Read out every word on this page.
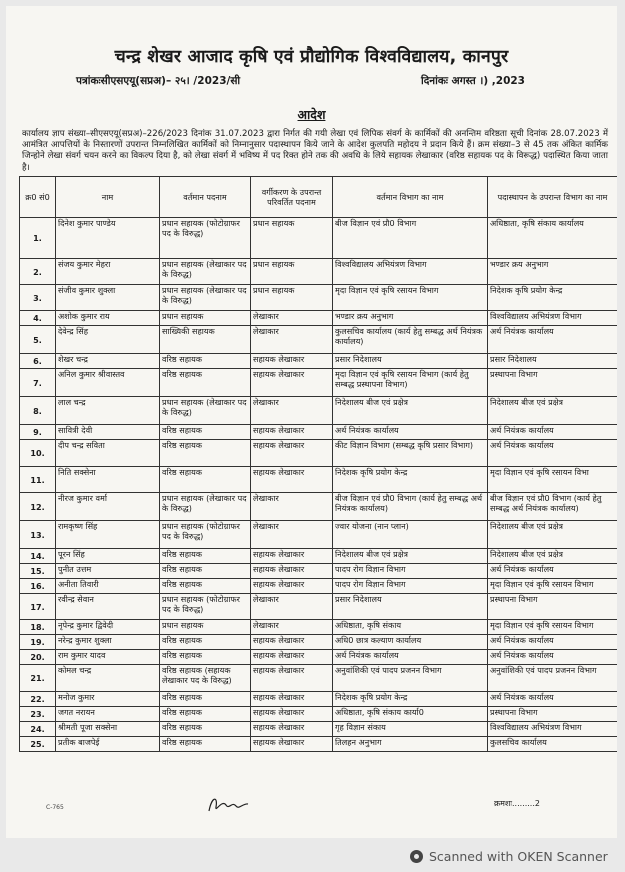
चन्द्र शेखर आजाद कृषि एवं प्रौद्योगिक विश्वविद्यालय, कानपुर

पत्रांकःसीएसएयू(सप्रअ)– २५। /2023/सी	दिनांकः अगस्त ।) ,2023
आदेश
कार्यालय ज्ञाप संख्या–सीएसएयू(सप्रअ)–226/2023 दिनांक 31.07.2023 द्वारा निर्गत की गयी लेखा एवं लिपिक संवर्ग के कार्मिकों की अनन्तिम वरिष्ठता सूची दिनांक 28.07.2023 में आमंत्रित आपत्तियों के निस्तारणों उपरान्त निम्नलिखित कार्मिकों को निम्नानुसार पदास्थापन किये जाने के आदेश कुलपति महोदय ने प्रदान किये हैं। क्रम संख्या–3 से 45 तक अंकित कार्मिक जिन्होने लेखा संवर्ग चयन करने का विकल्प दिया है, को लेखा संवर्ग में भविष्य में पद रिक्त होने तक की अवधि के लिये सहायक लेखाकार (वरिष्ठ सहायक पद के विरूद्ध) पदास्थित किया जाता है।
क्र0 सं0	नाम	वर्तमान पदनाम	वर्गीकरण के उपरान्त परिवर्तित पदनाम	वर्तमान विभाग का नाम	पदास्थापन के उपरान्त विभाग का नाम
1.	दिनेश कुमार पाण्डेय	प्रधान सहायक (फोटोग्राफर पद के विरुद्ध)	प्रधान सहायक	बीज विज्ञान एवं प्रौ0 विभाग	अधिष्ठाता, कृषि संकाय कार्यालय
2.	संजय कुमार मेहरा	प्रधान सहायक (लेखाकार पद के विरुद्ध)	प्रधान सहायक	विश्वविद्यालय अभियंत्रण विभाग	भण्डार क्रय अनुभाग
3.	संजीव कुमार शुक्ला	प्रधान सहायक (लेखाकार पद के विरुद्ध)	प्रधान सहायक	मृदा विज्ञान एवं कृषि रसायन विभाग	निदेशक कृषि प्रयोग केन्द्र
4.	अशोक कुमार राय	प्रधान सहायक	लेखाकार	भण्डार क्रय अनुभाग	विश्वविद्यालय अभियंत्रण विभाग
5.	देवेन्द्र सिंह	साख्यिकी सहायक	लेखाकार	कुलसचिव कार्यालय (कार्य हेतु सम्बद्ध अर्थ नियंत्रक कार्यालय)	अर्थ नियंत्रक कार्यालय
6.	शेखर चन्द्र	वरिष्ठ सहायक	सहायक लेखाकार	प्रसार निदेशालय	प्रसार निदेशालय
7.	अनिल कुमार श्रीवास्तव	वरिष्ठ सहायक	सहायक लेखाकार	मृदा विज्ञान एवं कृषि रसायन विभाग (कार्य हेतु सम्बद्ध प्रस्थापना विभाग)	प्रस्थापना विभाग
8.	लाल चन्द्र	प्रधान सहायक (लेखाकार पद के विरुद्ध)	लेखाकार	निदेशालय बीज एवं प्रक्षेत्र	निदेशालय बीज एवं प्रक्षेत्र
9.	सावित्री देवी	वरिष्ठ सहायक	सहायक लेखाकार	अर्थ नियंत्रक कार्यालय	अर्थ नियंत्रक कार्यालय
10.	दीप चन्द्र सविता	वरिष्ठ सहायक	सहायक लेखाकार	कीट विज्ञान विभाग (सम्बद्ध कृषि प्रसार विभाग)	अर्थ नियंत्रक कार्यालय
11.	निति सक्सेना	वरिष्ठ सहायक	सहायक लेखाकार	निदेशक कृषि प्रयोग केन्द्र	मृदा विज्ञान एवं कृषि रसायन विभा
12.	नीरज कुमार वर्मा	प्रधान सहायक (लेखाकार पद के विरुद्ध)	लेखाकार	बीज विज्ञान एवं प्रौ0 विभाग (कार्य हेतु सम्बद्ध अर्थ नियंत्रक कार्यालय)	बीज विज्ञान एवं प्रौ0 विभाग (कार्य हेतु सम्बद्ध अर्थ नियंत्रक कार्यालय)
13.	रामकृष्ण सिंह	प्रधान सहायक (फोटोग्राफर पद के विरुद्ध)	लेखाकार	ज्वार योजना (नान प्लान)	निदेशालय बीज एवं प्रक्षेत्र
14.	पूरन सिंह	वरिष्ठ सहायक	सहायक लेखाकार	निदेशालय बीज एवं प्रक्षेत्र	निदेशालय बीज एवं प्रक्षेत्र
15.	पुनीत उत्तम	वरिष्ठ सहायक	सहायक लेखाकार	पादप रोग विज्ञान विभाग	अर्थ नियंत्रक कार्यालय
16.	अनीता तिवारी	वरिष्ठ सहायक	सहायक लेखाकार	पादप रोग विज्ञान विभाग	मृदा विज्ञान एवं कृषि रसायन विभाग
17.	रवीन्द्र सेवान	प्रधान सहायक (फोटोग्राफर पद के विरुद्ध)	लेखाकार	प्रसार निदेशालय	प्रस्थापना विभाग
18.	नृपेन्द्र कुमार द्विवेदी	प्रधान सहायक	लेखाकार	अधिष्ठाता, कृषि संकाय	मृदा विज्ञान एवं कृषि रसायन विभाग
19.	नरेन्द्र कुमार शुक्ला	वरिष्ठ सहायक	सहायक लेखाकार	अधि0 छात्र कल्याण कार्यालय	अर्थ नियंत्रक कार्यालय
20.	राम कुमार यादव	वरिष्ठ सहायक	सहायक लेखाकार	अर्थ नियंत्रक कार्यालय	अर्थ नियंत्रक कार्यालय
21.	कोमल चन्द्र	वरिष्ठ सहायक (सहायक लेखाकार पद के विरुद्ध)	सहायक लेखाकार	अनुवांशिकी एवं पादप प्रजनन विभाग	अनुवांशिकी एवं पादप प्रजनन विभाग
22.	मनोज कुमार	वरिष्ठ सहायक	सहायक लेखाकार	निदेशक कृषि प्रयोग केन्द्र	अर्थ नियंत्रक कार्यालय
23.	जगत नरायन	वरिष्ठ सहायक	सहायक लेखाकार	अधिष्ठाता, कृषि संकाय कार्या0	प्रस्थापना विभाग
24.	श्रीमती पूजा सक्सेना	वरिष्ठ सहायक	सहायक लेखाकार	गृह विज्ञान संकाय	विश्वविद्यालय अभियंत्रण विभाग
25.	प्रतीक बाजपेई	वरिष्ठ सहायक	सहायक लेखाकार	तिलहन अनुभाग	कुलसचिव कार्यालय
C-765	क्रमशः.........2
Scanned with OKEN Scanner
